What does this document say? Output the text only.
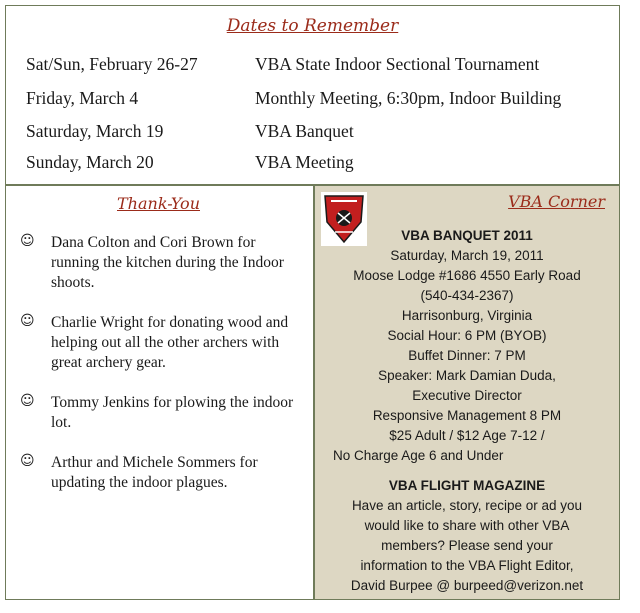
Dates to Remember
Sat/Sun, February 26-27	VBA State Indoor Sectional Tournament
Friday, March 4	Monthly Meeting, 6:30pm, Indoor Building
Saturday, March 19	VBA Banquet
Sunday, March 20	VBA Meeting
Thank-You
☺ Dana Colton and Cori Brown for running the kitchen during the Indoor shoots.
☺ Charlie Wright for donating wood and helping out all the other archers with great archery gear.
☺ Tommy Jenkins for plowing the indoor lot.
☺ Arthur and Michele Sommers for updating the indoor plagues.
VBA Corner
VBA BANQUET 2011
Saturday, March 19, 2011
Moose Lodge #1686 4550 Early Road
(540-434-2367)
Harrisonburg, Virginia
Social Hour: 6 PM (BYOB)
Buffet Dinner: 7 PM
Speaker: Mark Damian Duda,
Executive Director
Responsive Management 8 PM
$25 Adult / $12 Age 7-12 /
No Charge Age 6 and Under
VBA FLIGHT MAGAZINE
Have an article, story, recipe or ad you
would like to share with other VBA
members? Please send your
information to the VBA Flight Editor,
David Burpee @ burpeed@verizon.net
